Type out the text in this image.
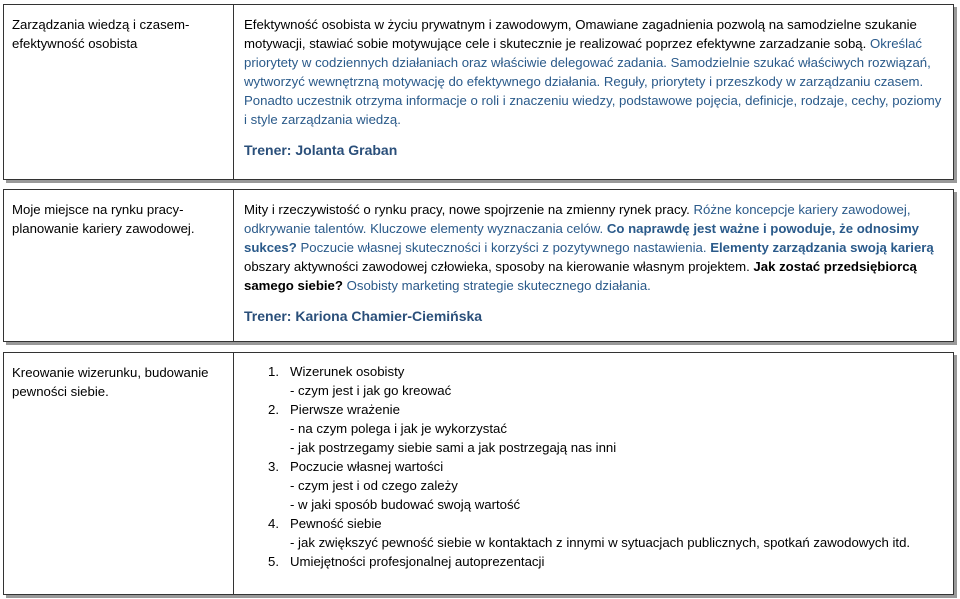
Zarządzania wiedzą i czasem- efektywność osobista

Efektywność osobista w życiu prywatnym i zawodowym, Omawiane zagadnienia pozwolą na samodzielne szukanie motywacji, stawiać sobie motywujące cele i skutecznie je realizować poprzez efektywne zarzadzanie sobą. Określać priorytety w codziennych działaniach oraz właściwie delegować zadania. Samodzielnie szukać właściwych rozwiązań, wytworzyć wewnętrzną motywację do efektywnego działania. Reguły, priorytety i przeszkody w zarządzaniu czasem. Ponadto uczestnik otrzyma informacje o roli i znaczeniu wiedzy, podstawowe pojęcia, definicje, rodzaje, cechy, poziomy i style zarządzania wiedzą.

Trener: Jolanta Graban

Moje miejsce na rynku pracy- planowanie kariery zawodowej.

Mity i rzeczywistość o rynku pracy, nowe spojrzenie na zmienny rynek pracy. Różne koncepcje kariery zawodowej, odkrywanie talentów. Kluczowe elementy wyznaczania celów. Co naprawdę jest ważne i powoduje, że odnosimy sukces? Poczucie własnej skuteczności i korzyści z pozytywnego nastawienia. Elementy zarządzania swoją karierą obszary aktywności zawodowej człowieka, sposoby na kierowanie własnym projektem. Jak zostać przedsiębiorcą samego siebie? Osobisty marketing strategie skutecznego działania.

Trener: Kariona Chamier-Ciemińska

Kreowanie wizerunku, budowanie pewności siebie.

1. Wizerunek osobisty
- czym jest i jak go kreować
2. Pierwsze wrażenie
- na czym polega i jak je wykorzystać
- jak postrzegamy siebie sami a jak postrzegają nas inni
3. Poczucie własnej wartości
- czym jest i od czego zależy
- w jaki sposób budować swoją wartość
4. Pewność siebie
- jak zwiększyć pewność siebie w kontaktach z innymi w sytuacjach publicznych, spotkań zawodowych itd.
5. Umiejętności profesjonalnej autoprezentacji
